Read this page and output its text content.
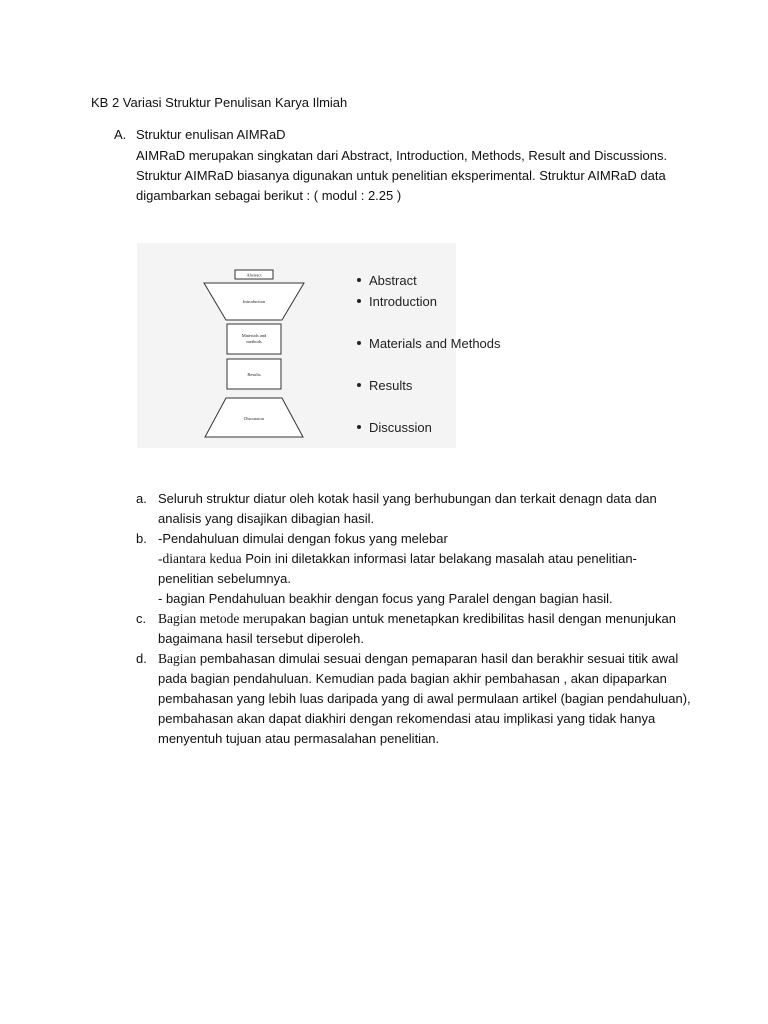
KB 2 Variasi Struktur Penulisan Karya Ilmiah
A. Struktur enulisan AIMRaD
AIMRaD merupakan singkatan dari Abstract, Introduction, Methods, Result and Discussions.
Struktur AIMRaD biasanya digunakan untuk penelitian eksperimental. Struktur AIMRaD data
digambarkan sebagai berikut : ( modul : 2.25 )
Abstract
Introduction
Materials and
methods
Results
Discussion
Abstract
Introduction
Materials and Methods
Results
Discussion
a. Seluruh struktur diatur oleh kotak hasil yang berhubungan dan terkait denagn data dan
analisis yang disajikan dibagian hasil.
b. -Pendahuluan dimulai dengan fokus yang melebar
-diantara kedua Poin ini diletakkan informasi latar belakang masalah atau penelitian-
penelitian sebelumnya.
- bagian Pendahuluan beakhir dengan focus yang Paralel dengan bagian hasil.
c. Bagian metode merupakan bagian untuk menetapkan kredibilitas hasil dengan menunjukan
bagaimana hasil tersebut diperoleh.
d. Bagian pembahasan dimulai sesuai dengan pemaparan hasil dan berakhir sesuai titik awal
pada bagian pendahuluan. Kemudian pada bagian akhir pembahasan , akan dipaparkan
pembahasan yang lebih luas daripada yang di awal permulaan artikel (bagian pendahuluan),
pembahasan akan dapat diakhiri dengan rekomendasi atau implikasi yang tidak hanya
menyentuh tujuan atau permasalahan penelitian.
